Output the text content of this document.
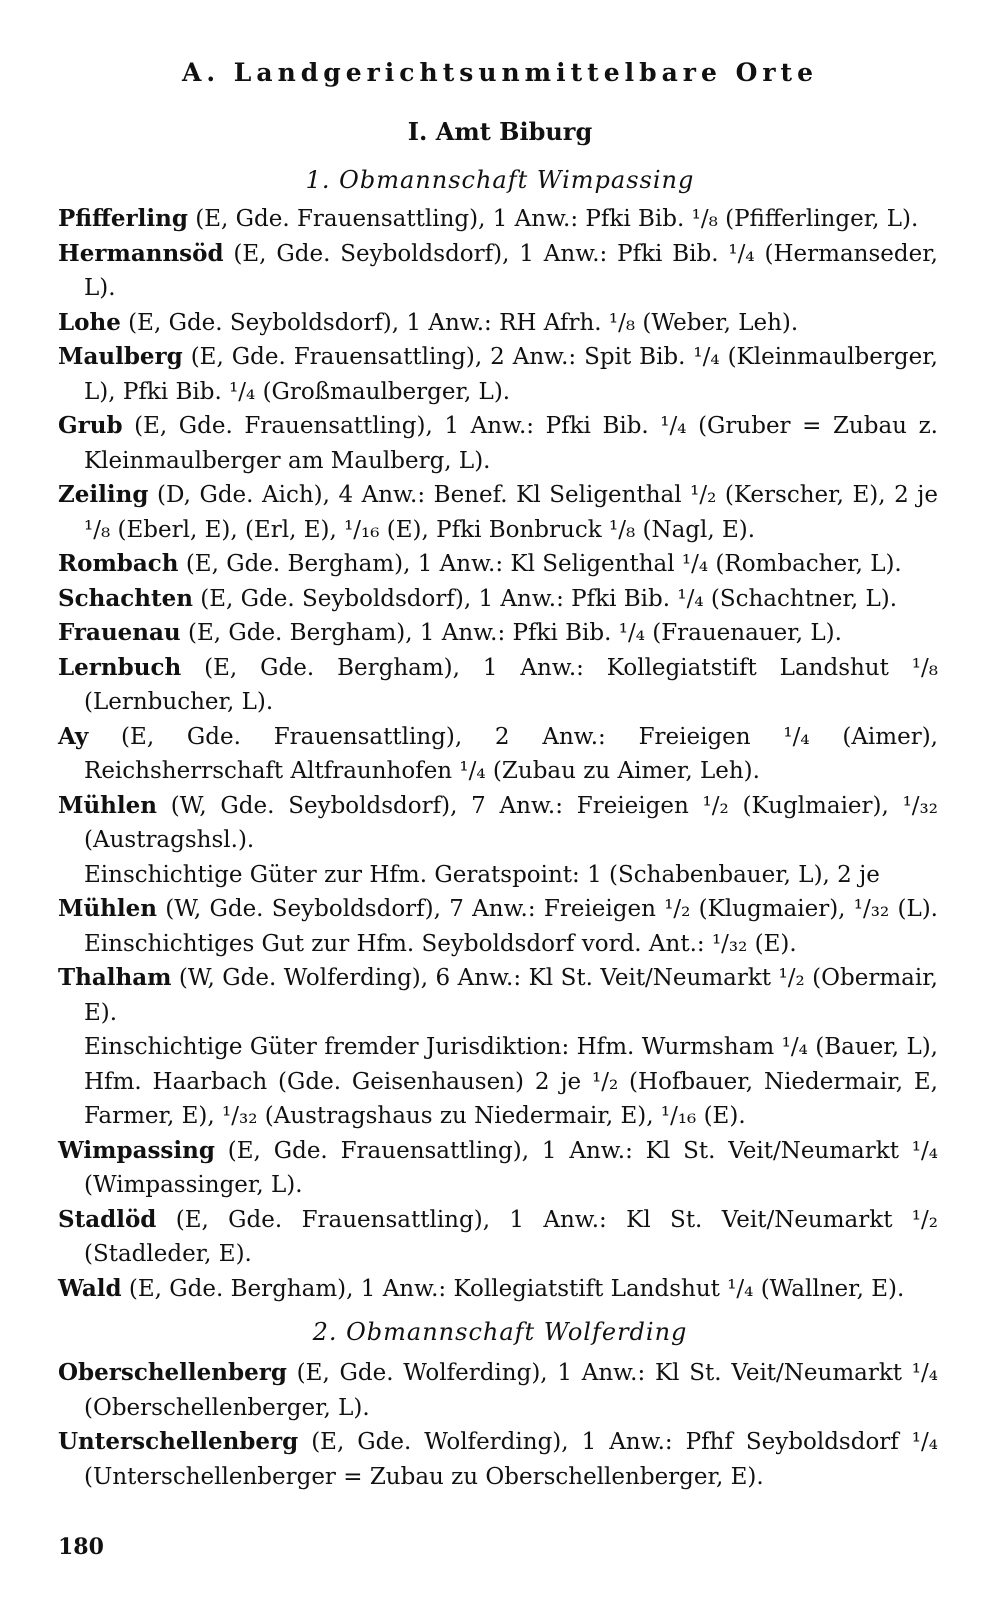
A. Landgerichtsunmittelbare Orte
I. Amt Biburg
1. Obmannschaft Wimpassing

Pfifferling (E, Gde. Frauensattling), 1 Anw.: Pfki Bib. ¹/₈ (Pfifferlinger, L).

Hermannsöd (E, Gde. Seyboldsdorf), 1 Anw.: Pfki Bib. ¹/₄ (Hermanseder, L).

Lohe (E, Gde. Seyboldsdorf), 1 Anw.: RH Afrh. ¹/₈ (Weber, Leh).

Maulberg (E, Gde. Frauensattling), 2 Anw.: Spit Bib. ¹/₄ (Kleinmaulberger, L), Pfki Bib. ¹/₄ (Großmaulberger, L).

Grub (E, Gde. Frauensattling), 1 Anw.: Pfki Bib. ¹/₄ (Gruber = Zubau z. Kleinmaulberger am Maulberg, L).

Zeiling (D, Gde. Aich), 4 Anw.: Benef. Kl Seligenthal ¹/₂ (Kerscher, E), 2 je ¹/₈ (Eberl, E), (Erl, E), ¹/₁₆ (E), Pfki Bonbruck ¹/₈ (Nagl, E).

Rombach (E, Gde. Bergham), 1 Anw.: Kl Seligenthal ¹/₄ (Rombacher, L).

Schachten (E, Gde. Seyboldsdorf), 1 Anw.: Pfki Bib. ¹/₄ (Schachtner, L).

Frauenau (E, Gde. Bergham), 1 Anw.: Pfki Bib. ¹/₄ (Frauenauer, L).

Lernbuch (E, Gde. Bergham), 1 Anw.: Kollegiatstift Landshut ¹/₈ (Lernbucher, L).

Ay (E, Gde. Frauensattling), 2 Anw.: Freieigen ¹/₄ (Aimer), Reichsherrschaft Altfraunhofen ¹/₄ (Zubau zu Aimer, Leh).

Mühlen (W, Gde. Seyboldsdorf), 7 Anw.: Freieigen ¹/₂ (Kuglmaier), ¹/₃₂ (Austragshsl.).

Einschichtige Güter zur Hfm. Geratspoint: 1 (Schabenbauer, L), 2 je

Mühlen (W, Gde. Seyboldsdorf), 7 Anw.: Freieigen ¹/₂ (Klugmaier), ¹/₃₂ (L). Einschichtiges Gut zur Hfm. Seyboldsdorf vord. Ant.: ¹/₃₂ (E).

Thalham (W, Gde. Wolferding), 6 Anw.: Kl St. Veit/Neumarkt ¹/₂ (Obermair, E).

Einschichtige Güter fremder Jurisdiktion: Hfm. Wurmsham ¹/₄ (Bauer, L), Hfm. Haarbach (Gde. Geisenhausen) 2 je ¹/₂ (Hofbauer, Niedermair, E, Farmer, E), ¹/₃₂ (Austragshaus zu Niedermair, E), ¹/₁₆ (E).

Wimpassing (E, Gde. Frauensattling), 1 Anw.: Kl St. Veit/Neumarkt ¹/₄ (Wimpassinger, L).

Stadlöd (E, Gde. Frauensattling), 1 Anw.: Kl St. Veit/Neumarkt ¹/₂ (Stadleder, E).

Wald (E, Gde. Bergham), 1 Anw.: Kollegiatstift Landshut ¹/₄ (Wallner, E).

2. Obmannschaft Wolferding

Oberschellenberg (E, Gde. Wolferding), 1 Anw.: Kl St. Veit/Neumarkt ¹/₄ (Oberschellenberger, L).

Unterschellenberg (E, Gde. Wolferding), 1 Anw.: Pfhf Seyboldsdorf ¹/₄ (Unterschellenberger = Zubau zu Oberschellenberger, E).

180
